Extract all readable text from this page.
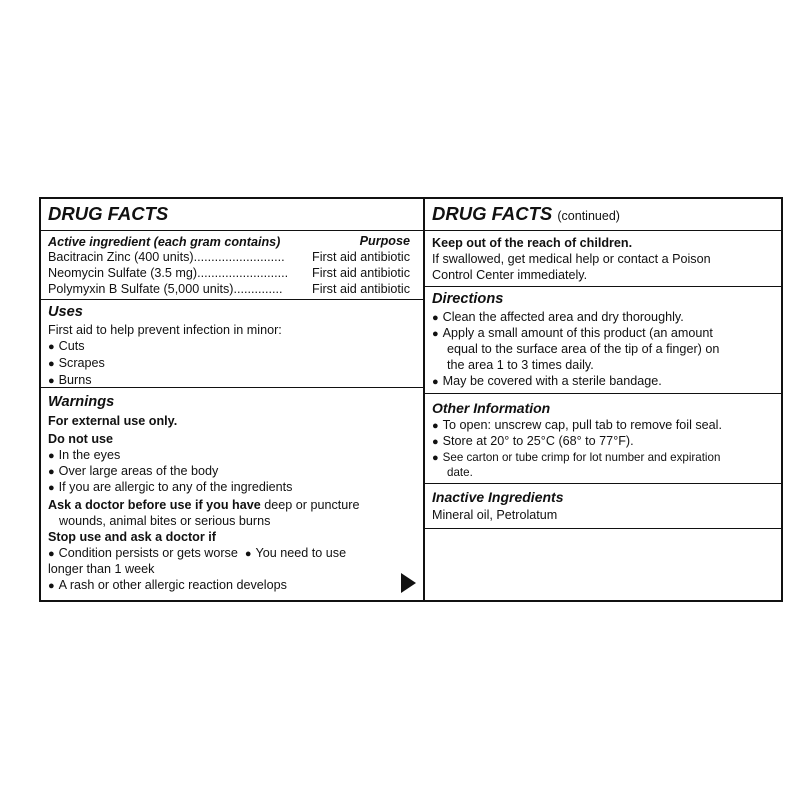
DRUG FACTS
Active ingredient (each gram contains)	Purpose
Bacitracin Zinc (400 units) ..........................	First aid antibiotic
Neomycin Sulfate (3.5 mg) ..........................	First aid antibiotic
Polymyxin B Sulfate (5,000 units) ..............	First aid antibiotic
Uses
First aid to help prevent infection in minor:
● Cuts
● Scrapes
● Burns
Warnings
For external use only.
Do not use
● In the eyes
● Over large areas of the body
● If you are allergic to any of the ingredients
Ask a doctor before use if you have deep or puncture
wounds, animal bites or serious burns
Stop use and ask a doctor if
● Condition persists or gets worse  ● You need to use
longer than 1 week
● A rash or other allergic reaction develops
DRUG FACTS (continued)
Keep out of the reach of children.
If swallowed, get medical help or contact a Poison
Control Center immediately.
Directions
● Clean the affected area and dry thoroughly.
● Apply a small amount of this product (an amount
equal to the surface area of the tip of a finger) on
the area 1 to 3 times daily.
● May be covered with a sterile bandage.
Other Information
● To open: unscrew cap, pull tab to remove foil seal.
● Store at 20° to 25°C (68° to 77°F).
● See carton or tube crimp for lot number and expiration
date.
Inactive Ingredients
Mineral oil, Petrolatum
